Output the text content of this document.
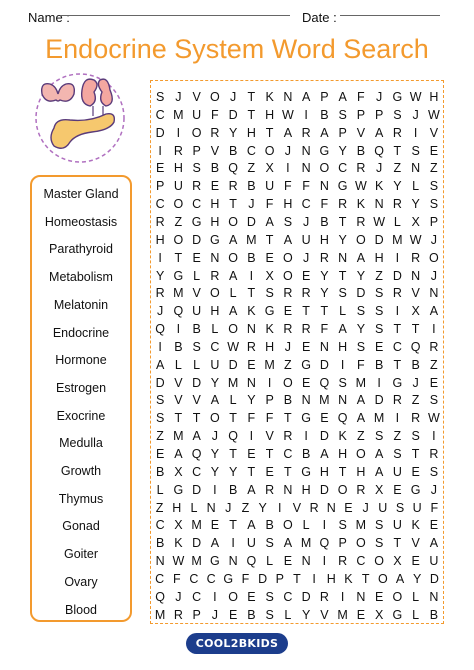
Name :	Date :
Endocrine System Word Search
Master Gland
Homeostasis
Parathyroid
Metabolism
Melatonin
Endocrine
Hormone
Estrogen
Exocrine
Medulla
Growth
Thymus
Gonad
Goiter
Ovary
Blood
S J V O J T K N A P A F J G W H
C M U F D T H W I B S P P S J W
D I O R Y H T A R A P V A R I V
I R P V B C O J N G Y B Q T S E
E H S B Q Z X I N O C R J Z N Z
P U R E R B U F F N G W K Y L S
C O C H T J F H C F R K N R Y S
R Z G H O D A S J B T R W L X P
H O D G A M T A U H Y O D M W J
I	T E N O B E O J R N A H I R O
Y G L R A I X O E Y T Y Z D N J
R M V O L T S R R Y S D S R V N
J Q U H A K G E T T L S S I X A
Q I B L O N K R R F A Y S T T	I
I B S C W R H J E N H S E C Q R
A L L U D E M Z G D I	F B T B Z
D V D Y M N I O E Q S M I G J E
S V V A L Y P B N M N A D R Z S
S T T O T F F T G E Q A M I R W
Z M A J Q I V R I D K Z S Z S I
E A Q Y T E T C B A H O A S T R
B X C Y Y T E T G H T H A U E S
L G D I B A R N H D O R X E G J
Z H L N J Z Y I V R N E J U S U F
C X M E T A B O L	I S M S U K E
B K D A I U S A M Q P O S T V A
N W M G N Q L E N I R C O X E U
C F C C G F D P T I H K T O A Y D
Q J C I O E S C D R I N E O L N
M R P J E B S L Y V M E X G L B
COOL2BKIDS
